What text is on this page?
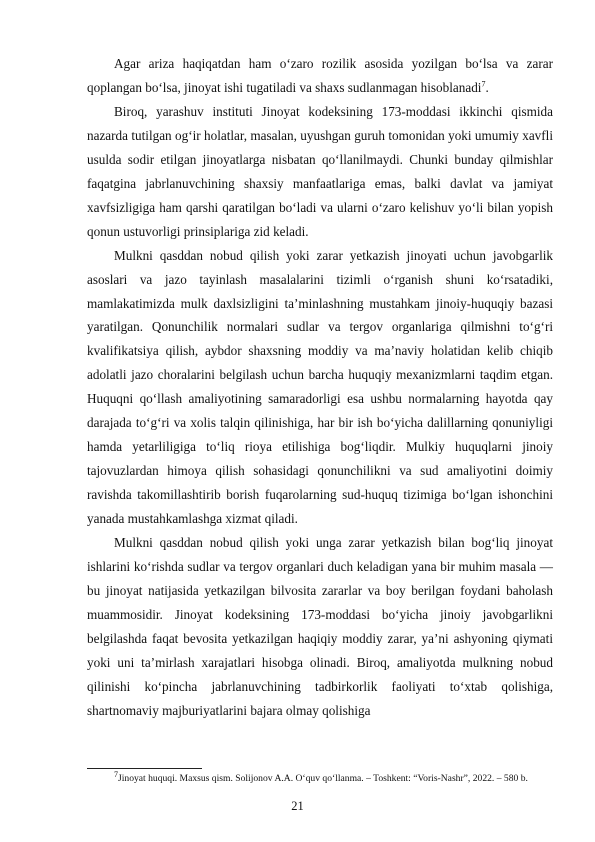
Agar ariza haqiqatdan ham o‘zaro rozilik asosida yozilgan bo‘lsa va zarar qoplangan bo‘lsa, jinoyat ishi tugatiladi va shaxs sudlanmagan hisoblanadi$^7$.

Biroq, yarashuv instituti Jinoyat kodeksining 173-moddasi ikkinchi qismida nazarda tutilgan og‘ir holatlar, masalan, uyushgan guruh tomonidan yoki umumiy xavfli usulda sodir etilgan jinoyatlarga nisbatan qo‘llanilmaydi. Chunki bunday qilmishlar faqatgina jabrlanuvchining shaxsiy manfaatlariga emas, balki davlat va jamiyat xavfsizligiga ham qarshi qaratilgan bo‘ladi va ularni o‘zaro kelishuv yo‘li bilan yopish qonun ustuvorligi prinsiplariga zid keladi.

Mulkni qasddan nobud qilish yoki zarar yetkazish jinoyati uchun javobgarlik asoslari va jazo tayinlash masalalarini tizimli o‘rganish shuni ko‘rsatadiki, mamlakatimizda mulk daxlsizligini ta’minlashning mustahkam jinoiy-huquqiy bazasi yaratilgan. Qonunchilik normalari sudlar va tergov organlariga qilmishni to‘g‘ri kvalifikatsiya qilish, aybdor shaxsning moddiy va ma’naviy holatidan kelib chiqib adolatli jazo choralarini belgilash uchun barcha huquqiy mexanizmlarni taqdim etgan. Huquqni qo‘llash amaliyotining samaradorligi esa ushbu normalarning hayotda qay darajada to‘g‘ri va xolis talqin qilinishiga, har bir ish bo‘yicha dalillarning qonuniyligi hamda yetarliligiga to‘liq rioya etilishiga bog‘liqdir. Mulkiy huquqlarni jinoiy tajovuzlardan himoya qilish sohasidagi qonunchilikni va sud amaliyotini doimiy ravishda takomillashtirib borish fuqarolarning sud-huquq tizimiga bo‘lgan ishonchini yanada mustahkamlashga xizmat qiladi.

Mulkni qasddan nobud qilish yoki unga zarar yetkazish bilan bog‘liq jinoyat ishlarini ko‘rishda sudlar va tergov organlari duch keladigan yana bir muhim masala — bu jinoyat natijasida yetkazilgan bilvosita zararlar va boy berilgan foydani baholash muammosidir. Jinoyat kodeksining 173-moddasi bo‘yicha jinoiy javobgarlikni belgilashda faqat bevosita yetkazilgan haqiqiy moddiy zarar, ya’ni ashyoning qiymati yoki uni ta’mirlash xarajatlari hisobga olinadi. Biroq, amaliyotda mulkning nobud qilinishi ko‘pincha jabrlanuvchining tadbirkorlik faoliyati to‘xtab qolishiga, shartnomaviy majburiyatlarini bajara olmay qolishiga

$^7$Jinoyat huquqi. Maxsus qism. Solijonov A.A. O‘quv qo‘llanma. – Toshkent: “Voris-Nashr”, 2022. – 580 b.
21
